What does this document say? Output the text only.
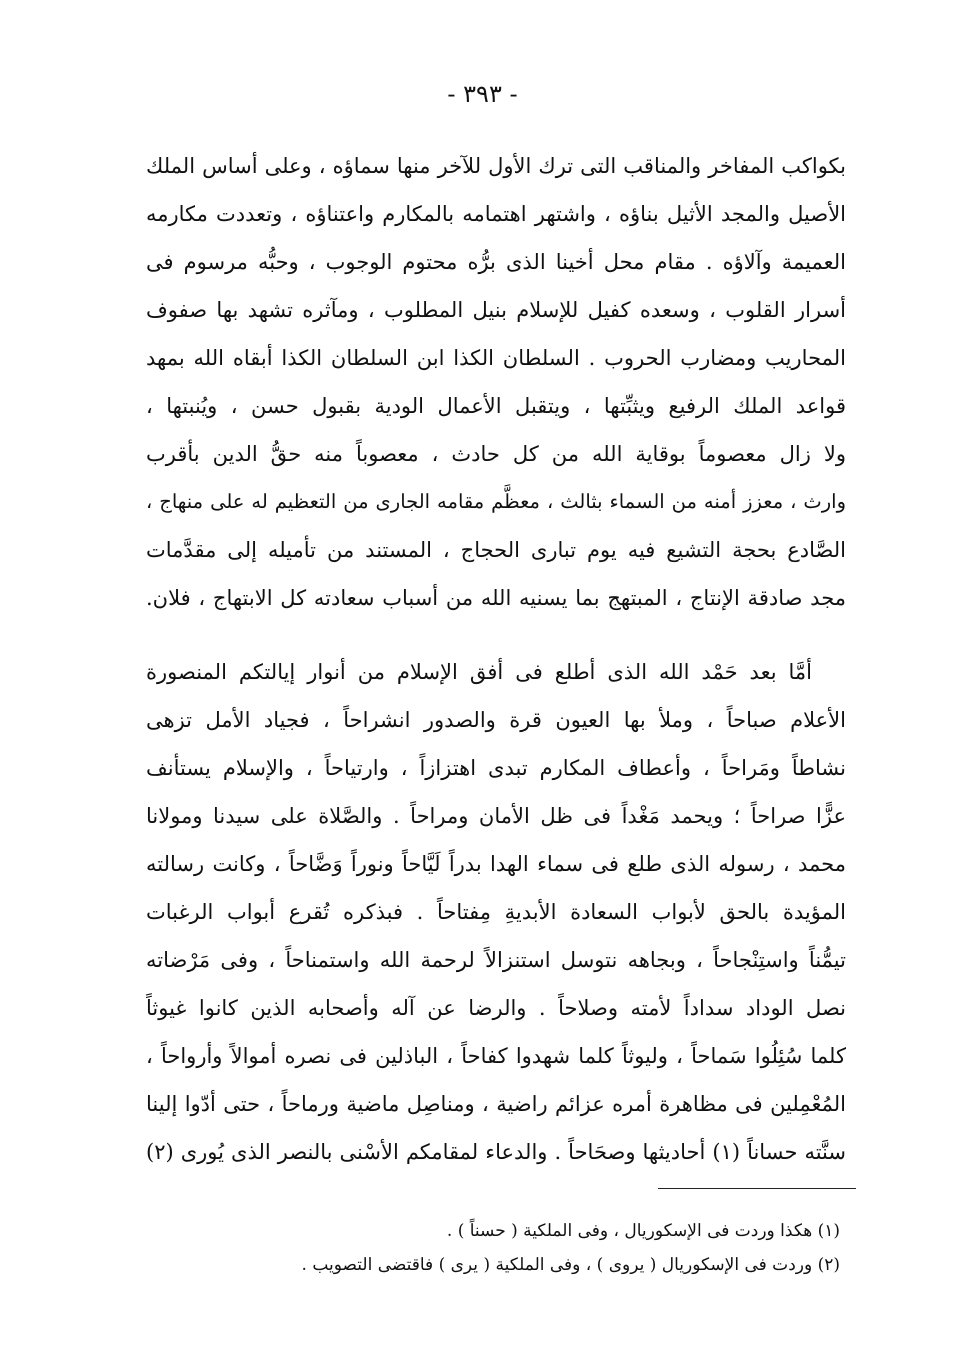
- ٣٩٣ -
بكواكب المفاخر والمناقب التى ترك الأول للآخر منها سماؤه ، وعلى أساس الملك
الأصيل والمجد الأثيل بناؤه ، واشتهر اهتمامه بالمكارم واعتناؤه ، وتعددت مكارمه
العميمة وآلاؤه . مقام محل أخينا الذى برُّه محتوم الوجوب ، وحبُّه مرسوم فى
أسرار القلوب ، وسعده كفيل للإسلام بنيل المطلوب ، ومآثره تشهد بها صفوف
المحاريب ومضارب الحروب . السلطان الكذا ابن السلطان الكذا أبقاه الله بمهد
قواعد الملك الرفيع ويثبِّتها ، ويتقبل الأعمال الودية بقبول حسن ، ويُنبتها ،
ولا زال معصوماً بوقاية الله من كل حادث ، معصوباً منه حقُّ الدين بأقرب
وارث ، معزز أمنه من السماء بثالث ، معظَّم مقامه الجارى من التعظيم له على منهاج ،
الصَّادع بحجة التشيع فيه يوم تبارى الحجاج ، المستند من تأميله إلى مقدَّمات
مجد صادقة الإنتاج ، المبتهج بما يسنيه الله من أسباب سعادته كل الابتهاج ، فلان.
أمَّا بعد حَمْد الله الذى أطلع فى أفق الإسلام من أنوار إيالتكم المنصورة
الأعلام صباحاً ، وملأ بها العيون قرة والصدور انشراحاً ، فجياد الأمل تزهى
نشاطاً ومَراحاً ، وأعطاف المكارم تبدى اهتزازاً ، وارتياحاً ، والإسلام يستأنف
عزًّا صراحاً ؛ ويحمد مَغْداً فى ظل الأمان ومراحاً . والصَّلاة على سيدنا ومولانا
محمد ، رسوله الذى طلع فى سماء الهدا بدراً لَيَّاحاً ونوراً وَضَّاحاً ، وكانت رسالته
المؤيدة بالحق لأبواب السعادة الأبديةِ مِفتاحاً . فبذكره تُقرع أبواب الرغبات
تيمُّناً واستِنْجاحاً ، وبجاهه نتوسل استنزالاً لرحمة الله واستمناحاً ، وفى مَرْضاته
نصل الوداد سداداً لأمته وصلاحاً . والرضا عن آله وأصحابه الذين كانوا غيوثاً
كلما سُئِلُوا سَماحاً ، وليوثاً كلما شهدوا كفاحاً ، الباذلين فى نصره أموالاً وأرواحاً ،
المُعْمِلين فى مظاهرة أمره عزائم راضية ، ومناصِل ماضية ورماحاً ، حتى أدّوا إلينا
سنَّته حساناً (١) أحاديثها وصحَاحاً . والدعاء لمقامكم الأسْنى بالنصر الذى يُورى (٢)
(١) هكذا وردت فى الإسكوريال ، وفى الملكية ( حسناً ) .
(٢) وردت فى الإسكوريال ( يروى ) ، وفى الملكية ( يرى ) فاقتضى التصويب .
